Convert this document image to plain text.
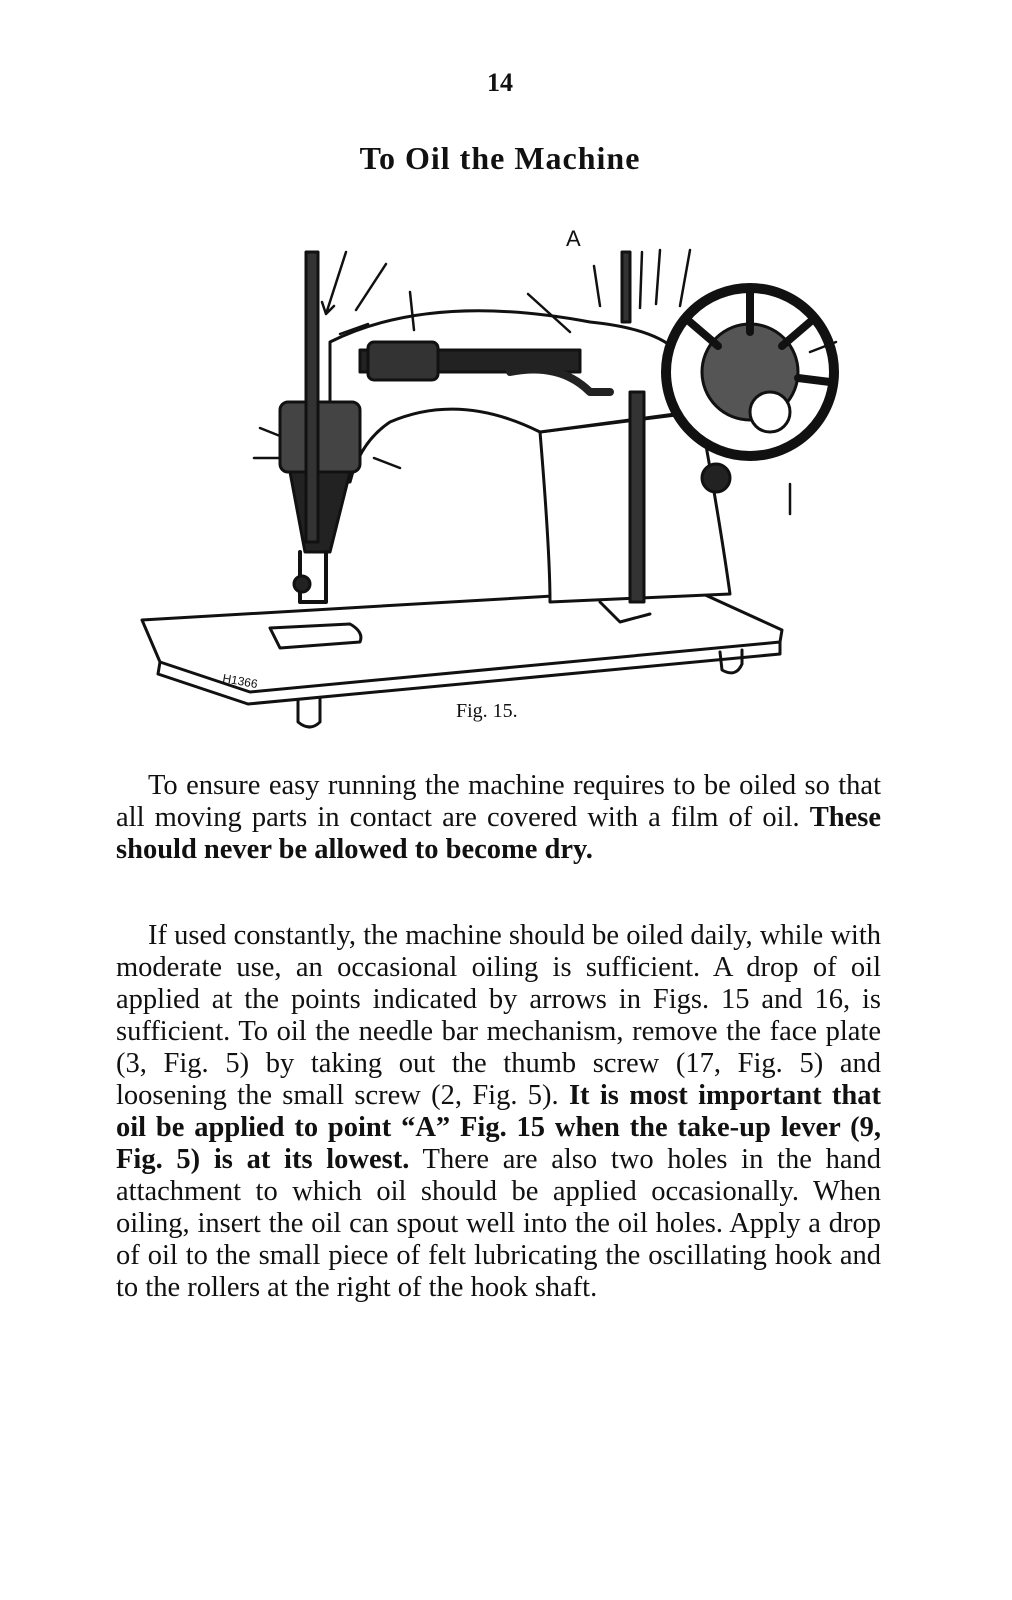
14
To Oil the Machine
A
H1366
Fig. 15.
To ensure easy running the machine requires to be oiled so that all moving parts in contact are covered with a film of oil. These should never be allowed to become dry.
If used constantly, the machine should be oiled daily, while with moderate use, an occasional oiling is sufficient. A drop of oil applied at the points indicated by arrows in Figs. 15 and 16, is sufficient. To oil the needle bar mechanism, remove the face plate (3, Fig. 5) by taking out the thumb screw (17, Fig. 5) and loosening the small screw (2, Fig. 5). It is most important that oil be applied to point “A” Fig. 15 when the take-up lever (9, Fig. 5) is at its lowest. There are also two holes in the hand attachment to which oil should be applied occasionally. When oiling, insert the oil can spout well into the oil holes. Apply a drop of oil to the small piece of felt lubricating the oscillating hook and to the rollers at the right of the hook shaft.
